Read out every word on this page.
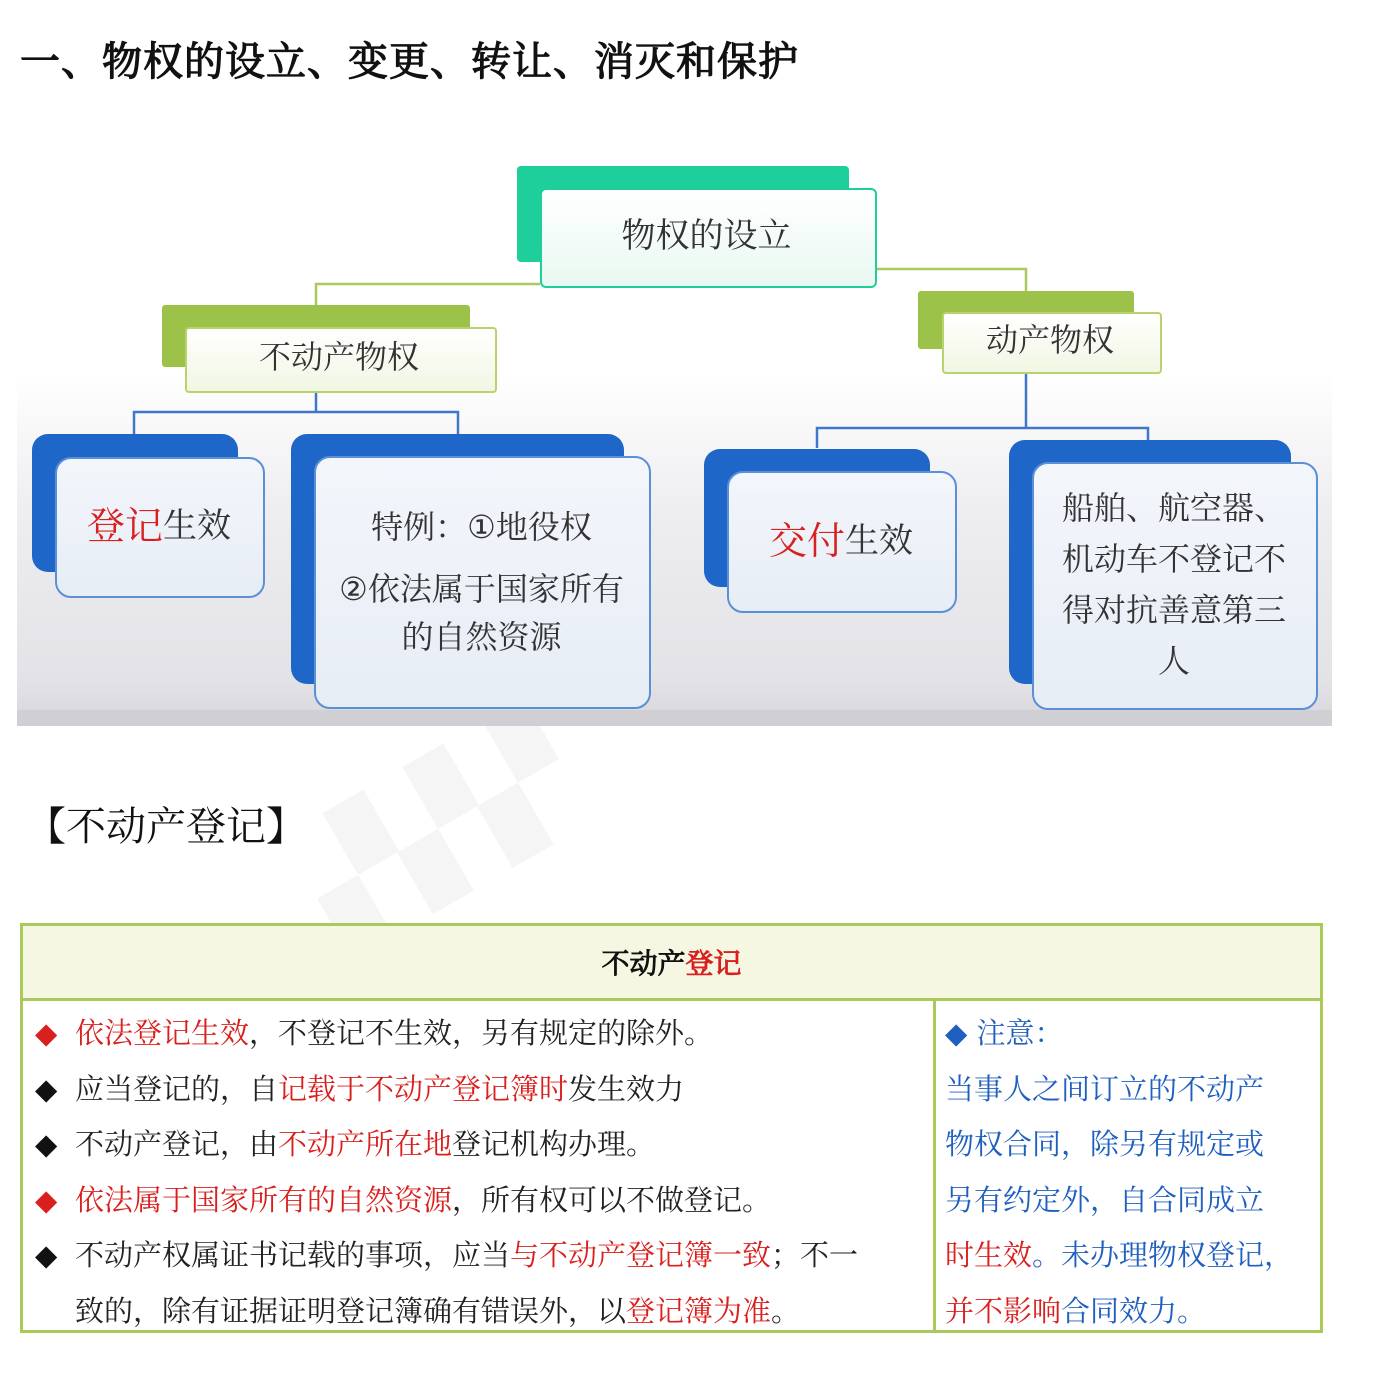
▞▞▞
一、物权的设立、变更、转让、消灭和保护
物权的设立
不动产物权	动产物权
登记 生效	特例：①地役权
②依法属于国家所有
的自然资源
交付 生效
船舶、航空器、
机动车不登记不
得对抗善意第三
人
【不动产登记】
不动产 登记
◆ 依法登记生效，不登记不生效，另有规定的除外。
◆ 应当登记的，自记载于不动产登记簿时发生效力
◆ 不动产登记，由不动产所在地登记机构办理。
◆ 依法属于国家所有的自然资源，所有权可以不做登记。
◆ 不动产权属证书记载的事项，应当与不动产登记簿一致；不一
致的，除有证据证明登记簿确有错误外，以登记簿为准。
◆ 注意：
当事人之间订立的不动产
物权合同，除另有规定或
另有约定外，自合同成立
时生效。未办理物权登记，
并不影响合同效力。
